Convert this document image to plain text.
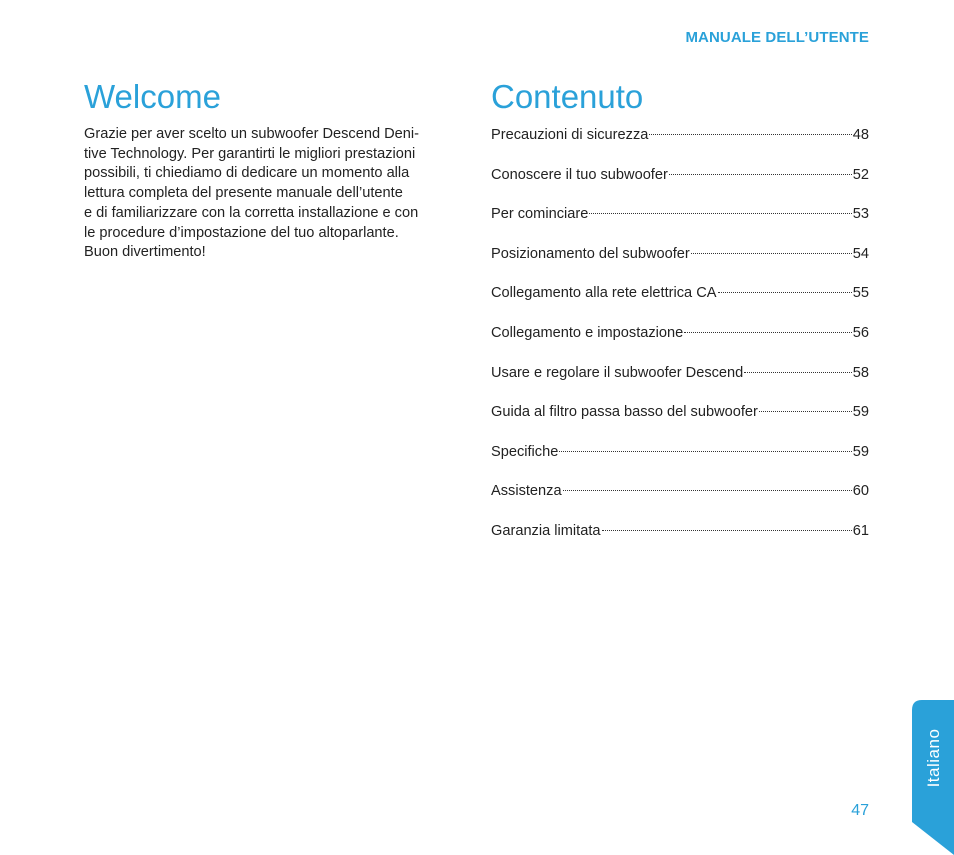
MANUALE DELL’UTENTE
Welcome

Grazie per aver scelto un subwoofer Descend Deni-
tive Technology. Per garantirti le migliori prestazioni
possibili, ti chiediamo di dedicare un momento alla
lettura completa del presente manuale dell’utente
e di familiarizzare con la corretta installazione e con
le procedure d’impostazione del tuo altoparlante.
Buon divertimento!

Contenuto
Precauzioni di sicurezza	48
Conoscere il tuo subwoofer	52
Per cominciare	53
Posizionamento del subwoofer	54
Collegamento alla rete elettrica CA	55
Collegamento e impostazione	56
Usare e regolare il subwoofer Descend	58
Guida al filtro passa basso del subwoofer	59
Specifiche	59
Assistenza	60
Garanzia limitata	61
47
Italiano
